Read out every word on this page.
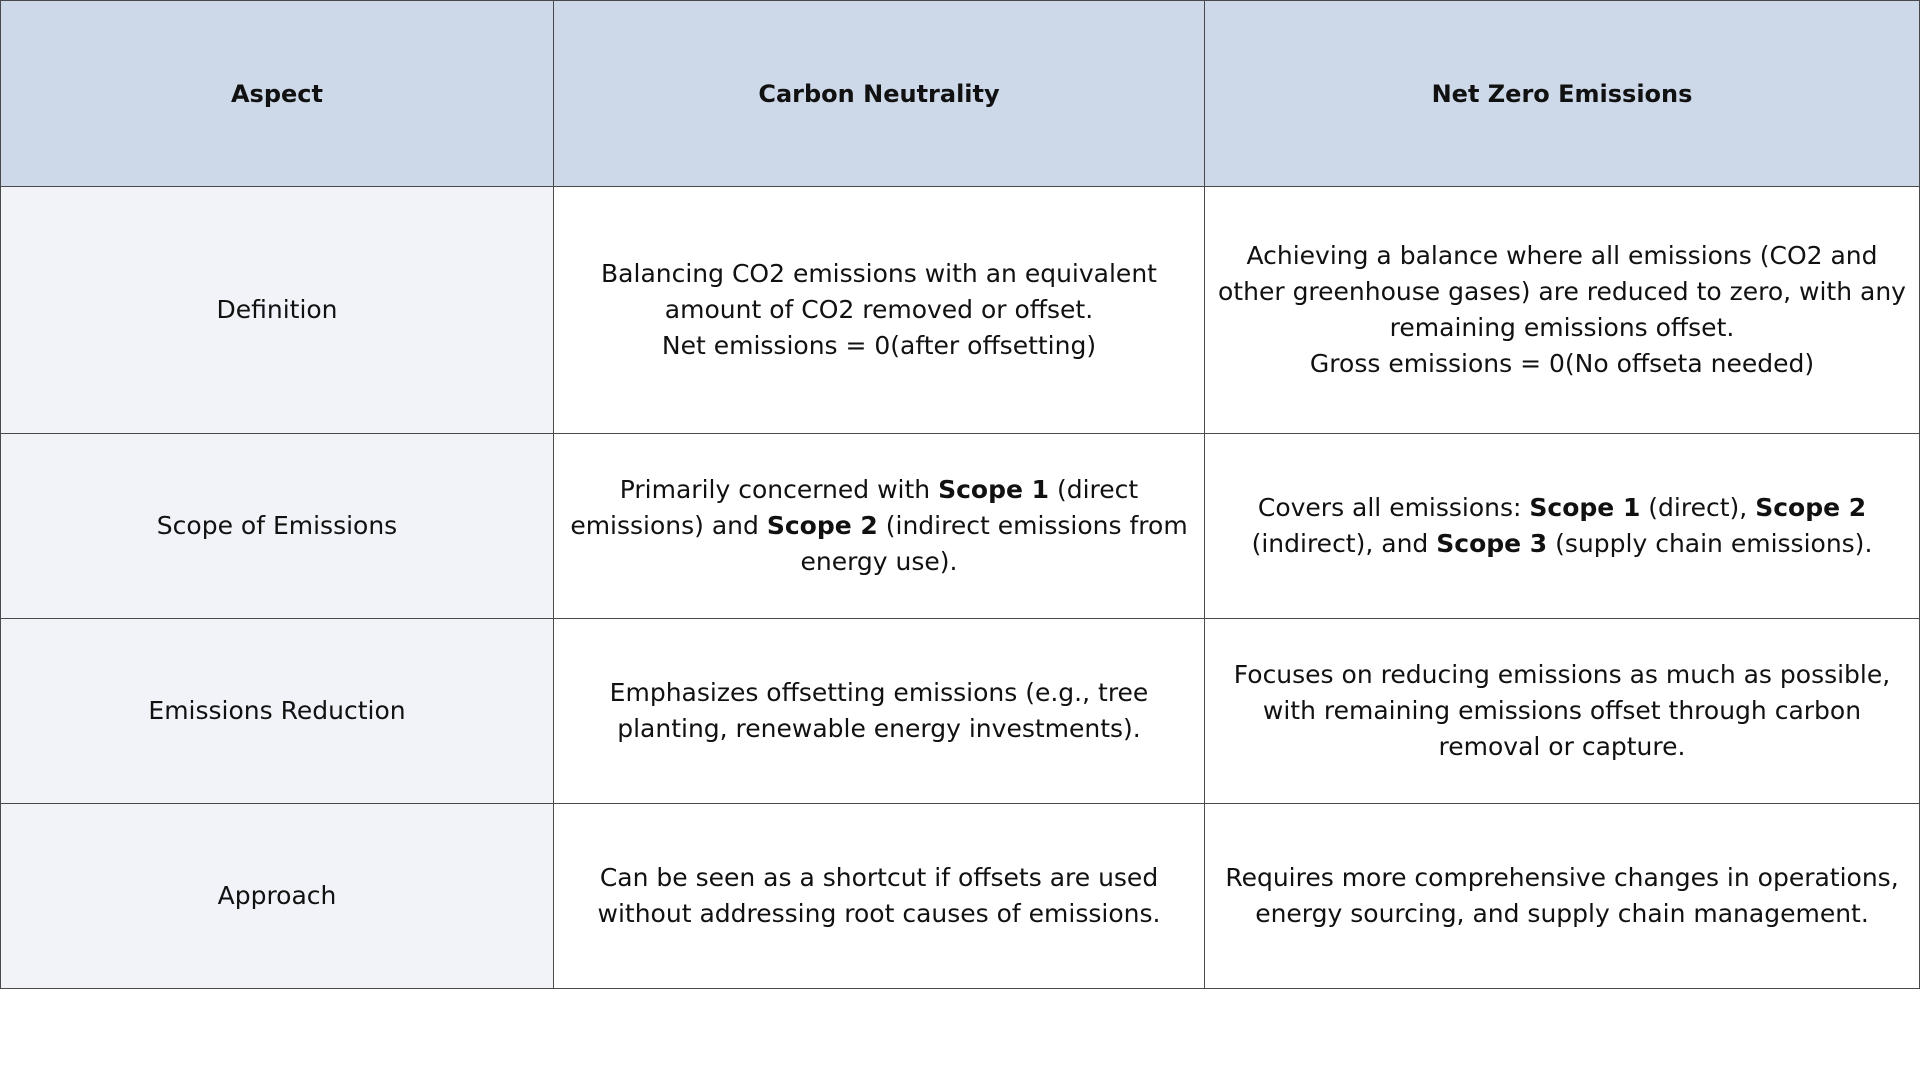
Aspect	Carbon Neutrality	Net Zero Emissions
Definition	Balancing CO2 emissions with an equivalent
amount of CO2 removed or offset.
Net emissions = 0(after offsetting)	Achieving a balance where all emissions (CO2 and
other greenhouse gases) are reduced to zero, with any
remaining emissions offset.
Gross emissions = 0(No offseta needed)

Scope of Emissions	Primarily concerned with Scope 1 (direct
emissions) and Scope 2 (indirect emissions from
energy use).	Covers all emissions: Scope 1 (direct), Scope 2
(indirect), and Scope 3 (supply chain emissions).

Emissions Reduction	Emphasizes offsetting emissions (e.g., tree
planting, renewable energy investments).	Focuses on reducing emissions as much as possible,
with remaining emissions offset through carbon
removal or capture.

Approach	Can be seen as a shortcut if offsets are used
without addressing root causes of emissions.	Requires more comprehensive changes in operations,
energy sourcing, and supply chain management.
